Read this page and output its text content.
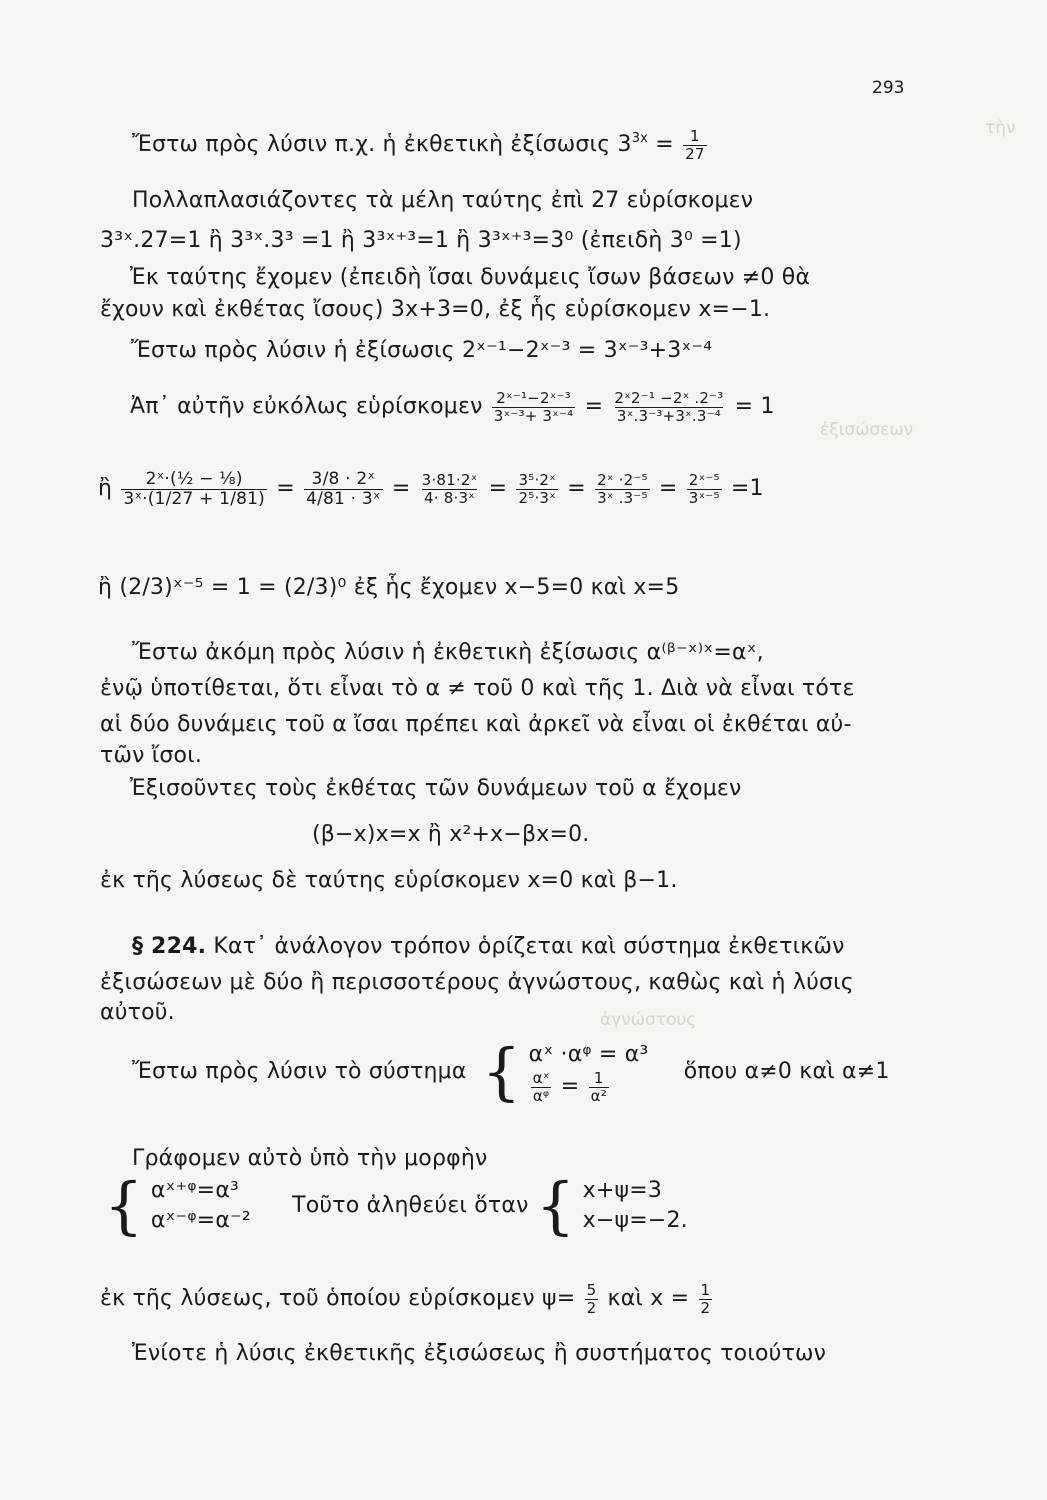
τὴν
ἐξισώσεων
ἀγνώστους
293
Ἔστω πρὸς λύσιν π.χ. ἡ ἐκθετικὴ ἐξίσωσις $3^{3x} = \frac{1}{27}$
Πολλαπλασιάζοντες τὰ μέλη ταύτης ἐπὶ 27 εὑρίσκομεν
3³ˣ.27=1 ἢ 3³ˣ.3³ =1 ἢ 3³ˣ⁺³=1 ἢ 3³ˣ⁺³=3⁰ (ἐπειδὴ 3⁰ =1)
Ἐκ ταύτης ἔχομεν (ἐπειδὴ ἴσαι δυνάμεις ἴσων βάσεων ≠0 θὰ
ἔχουν καὶ ἐκθέτας ἴσους) 3x+3=0, ἐξ ἧς εὑρίσκομεν x=−1.
Ἔστω πρὸς λύσιν ἡ ἐξίσωσις 2ˣ⁻¹−2ˣ⁻³ = 3ˣ⁻³+3ˣ⁻⁴
Ἀπ᾽ αὐτῆν εὐκόλως εὑρίσκομεν $\frac{\text{2ˣ⁻¹−2ˣ⁻³}}{\text{3ˣ⁻³+ 3ˣ⁻⁴}} = \frac{\text{2ˣ2⁻¹ −2ˣ .2⁻³}}{\text{3ˣ.3⁻³+3ˣ.3⁻⁴}} = 1$
ἢ $\frac{\text{2ˣ·(½ − ⅛)}}{\text{3ˣ·(1/27 + 1/81)}} = \frac{\text{3/8 · 2ˣ}}{\text{4/81 · 3ˣ}} = \frac{\text{3·81·2ˣ}}{\text{4· 8·3ˣ}} = \frac{\text{3⁵·2ˣ}}{\text{2⁵·3ˣ}} = \frac{\text{2ˣ ·2⁻⁵}}{\text{3ˣ .3⁻⁵}} = \frac{\text{2ˣ⁻⁵}}{\text{3ˣ⁻⁵}} =1$
ἢ (2/3)ˣ⁻⁵ = 1 = (2/3)⁰ ἐξ ἧς ἔχομεν x−5=0 καὶ x=5
Ἔστω ἀκόμη πρὸς λύσιν ἡ ἐκθετικὴ ἐξίσωσις α⁽ᵝ⁻ˣ⁾ˣ=αˣ,
ἐνῷ ὑποτίθεται, ὅτι εἶναι τὸ α ≠ τοῦ 0 καὶ τῆς 1. Διὰ νὰ εἶναι τότε
αἱ δύο δυνάμεις τοῦ α ἴσαι πρέπει καὶ ἀρκεῖ νὰ εἶναι οἱ ἐκθέται αὐ-
τῶν ἴσοι.
Ἐξισοῦντες τοὺς ἐκθέτας τῶν δυνάμεων τοῦ α ἔχομεν
(β−x)x=x ἢ x²+x−βx=0.
ἐκ τῆς λύσεως δὲ ταύτης εὑρίσκομεν x=0 καὶ β−1.
§ 224. Κατ᾽ ἀνάλογον τρόπον ὁρίζεται καὶ σύστημα ἐκθετικῶν
ἐξισώσεων μὲ δύο ἢ περισσοτέρους ἀγνώστους, καθὼς καὶ ἡ λύσις
αὐτοῦ.
Ἔστω πρὸς λύσιν τὸ σύστημα { αˣ ·αᵠ = α³
$\frac{\text{αˣ}}{\text{αᵠ}} = \frac{1}{\text{α²}}$	ὅπου α≠0 καὶ α≠1
Γράφομεν αὐτὸ ὑπὸ τὴν μορφὴν
{ αˣ⁺ᵠ=α³
αˣ⁻ᵠ=α⁻²
Τοῦτο ἀληθεύει ὅταν { x+ψ=3
x−ψ=−2.
ἐκ τῆς λύσεως, τοῦ ὁποίου εὑρίσκομεν $\psi= \frac{5}{2}$ καὶ $x = \frac{1}{2}$
Ἐνίοτε ἡ λύσις ἐκθετικῆς ἐξισώσεως ἢ συστήματος τοιούτων
